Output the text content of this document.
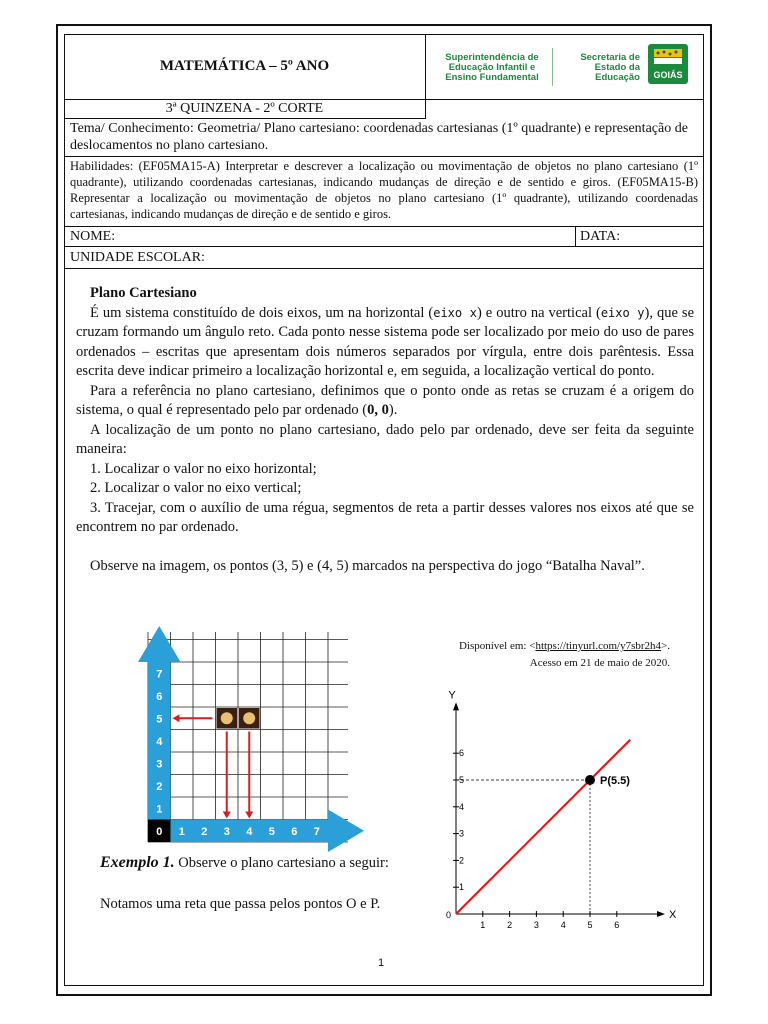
MATEMÁTICA – 5º ANO
Superintendência de
Educação Infantil e
Ensino Fundamental
Secretaria de
Estado da
Educação	GOIÁS
3ª QUINZENA - 2º CORTE
Tema/ Conhecimento: Geometria/ Plano cartesiano: coordenadas cartesianas (1º quadrante) e representação de deslocamentos no plano cartesiano.
Habilidades: (EF05MA15-A) Interpretar e descrever a localização ou movimentação de objetos no plano cartesiano (1º quadrante), utilizando coordenadas cartesianas, indicando mudanças de direção e de sentido e giros. (EF05MA15-B) Representar a localização ou movimentação de objetos no plano cartesiano (1º quadrante), utilizando coordenadas cartesianas, indicando mudanças de direção e de sentido e giros.
NOME:	DATA:
UNIDADE ESCOLAR:

Plano Cartesiano

É um sistema constituído de dois eixos, um na horizontal (eixo x) e outro na vertical (eixo y), que se cruzam formando um ângulo reto. Cada ponto nesse sistema pode ser localizado por meio do uso de pares ordenados – escritas que apresentam dois números separados por vírgula, entre dois parêntesis. Essa escrita deve indicar primeiro a localização horizontal e, em seguida, a localização vertical do ponto.

Para a referência no plano cartesiano, definimos que o ponto onde as retas se cruzam é a origem do sistema, o qual é representado pelo par ordenado (0, 0).

A localização de um ponto no plano cartesiano, dado pelo par ordenado, deve ser feita da seguinte maneira:

1. Localizar o valor no eixo horizontal;

2. Localizar o valor no eixo vertical;

3. Tracejar, com o auxílio de uma régua, segmentos de reta a partir desses valores nos eixos até que se encontrem no par ordenado.

Observe na imagem, os pontos (3, 5) e (4, 5) marcados na perspectiva do jogo “Batalha Naval”.

0 1 2 3 4 5 6 7
1
2
3
4
5
6
7
Disponível em: <https://tinyurl.com/y7sbr2h4>.
Acesso em 21 de maio de 2020.
X
Y
0
1 2 3 4 5 6
1
2
3
4
5
6
P(5.5)
Exemplo 1. Observe o plano cartesiano a seguir:
Notamos uma reta que passa pelos pontos O e P.
1
